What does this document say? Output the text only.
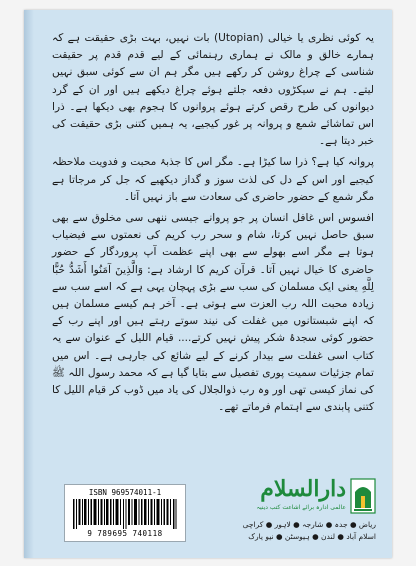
یہ کوئی نظری یا خیالی (Utopian) بات نہیں، بہت بڑی حقیقت ہے کہ ہمارے خالق و مالک نے ہماری رہنمائی کے لیے قدم قدم پر حقیقت شناسی کے چراغ روشن کر رکھے ہیں مگر ہم ان سے کوئی سبق نہیں لیتے۔ ہم نے سیکڑوں دفعہ جلتے ہوئے چراغ دیکھے ہیں اور ان کے گرد دیوانوں کی طرح رقص کرتے ہوئے پروانوں کا ہجوم بھی دیکھا ہے۔ ذرا اس تماشائے شمع و پروانہ پر غور کیجیے، یہ ہمیں کتنی بڑی حقیقت کی خبر دیتا ہے۔

پروانہ کیا ہے؟ ذرا سا کیڑا ہے۔ مگر اس کا جذبۂ محبت و فدویت ملاحظہ کیجیے اور اس کے دل کی لذت سوز و گداز دیکھیے کہ جل کر مرجاتا ہے مگر شمع کے حضور حاضری کی سعادت سے باز نہیں آتا۔

افسوس اس غافل انسان پر جو پروانے جیسی ننھی سی مخلوق سے بھی سبق حاصل نہیں کرتا، شام و سحر رب کریم کی نعمتوں سے فیضیاب ہوتا ہے مگر اسے بھولے سے بھی اپنے عظمت آپ پروردگار کے حضور حاضری کا خیال نہیں آتا۔ قرآن کریم کا ارشاد ہے: وَالَّذِينَ آمَنُوا أَشَدُّ حُبًّا لِلَّهِ یعنی ایک مسلمان کی سب سے بڑی پہچان یہی ہے کہ اسے سب سے زیادہ محبت اللہ رب العزت سے ہوتی ہے۔ آخر ہم کیسے مسلمان ہیں کہ اپنے شبستانوں میں غفلت کی نیند سوتے رہتے ہیں اور اپنے رب کے حضور کوئی سجدۂ شکر پیش نہیں کرتے.... قیام اللیل کے عنوان سے یہ کتاب اسی غفلت سے بیدار کرنے کے لیے شائع کی جارہی ہے۔ اس میں تمام جزئیات سمیت پوری تفصیل سے بتایا گیا ہے کہ محمد رسول اللہ ﷺ کی نماز کیسی تھی اور وہ رب ذوالجلال کی یاد میں ڈوب کر قیام اللیل کا کتنی پابندی سے اہتمام فرماتے تھے۔

ISBN 969574011-1
9 789695 740118
دارالسلام
عالمی ادارہ برائے اشاعت کتب دینیہ
ریاض ● جدہ ● شارجہ ● لاہور ● کراچی
اسلام آباد ● لندن ● ہیوسٹن ● نیو یارک
